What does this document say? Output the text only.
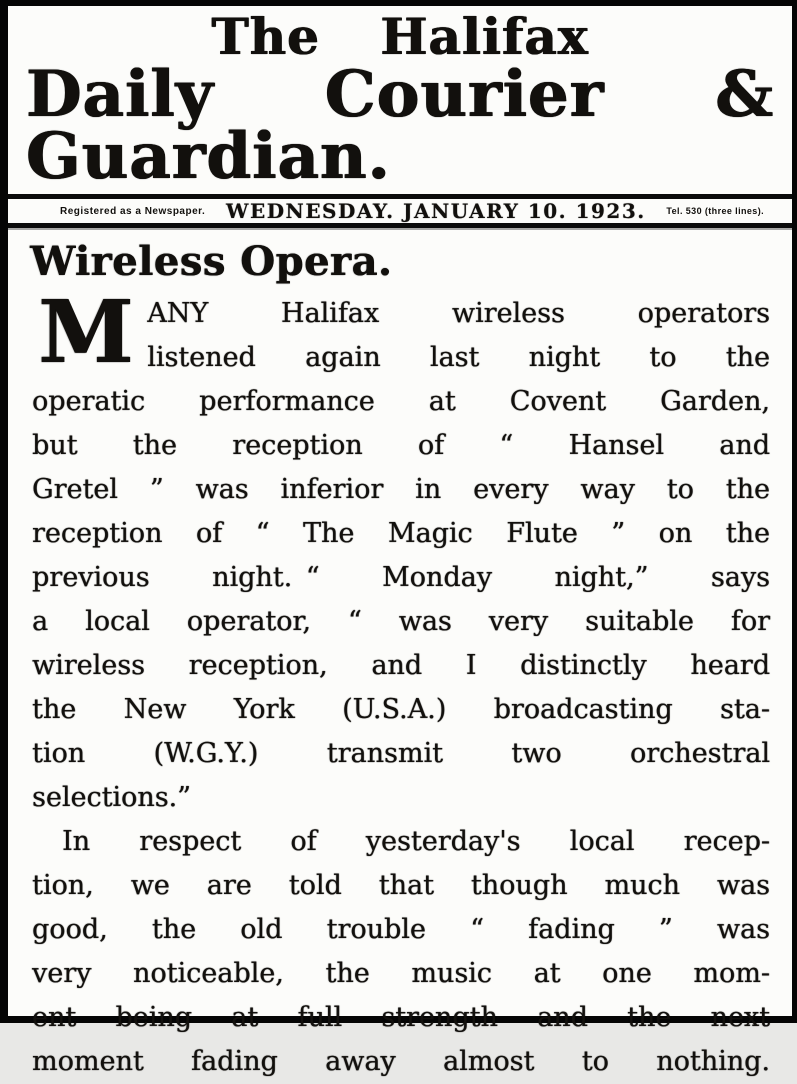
The Halifax
Daily Courier & Guardian.
Registered as a Newspaper.	WEDNESDAY. JANUARY 10. 1923.	Tel. 530 (three lines).
Wireless Opera.
M ANY Halifax wireless operators
listened again last night to the
operatic performance at Covent Garden,
but the reception of “ Hansel and
Gretel ” was inferior in every way to the
reception of “ The Magic Flute ” on the
previous night. “ Monday night,” says
a local operator, “ was very suitable for
wireless reception, and I distinctly heard
the New York (U.S.A.) broadcasting sta-
tion (W.G.Y.) transmit two orchestral
selections.”
In respect of yesterday's local recep-
tion, we are told that though much was
good, the old trouble “ fading ” was
very noticeable, the music at one mom-
ent being at full strength and the next
moment fading away almost to nothing.
